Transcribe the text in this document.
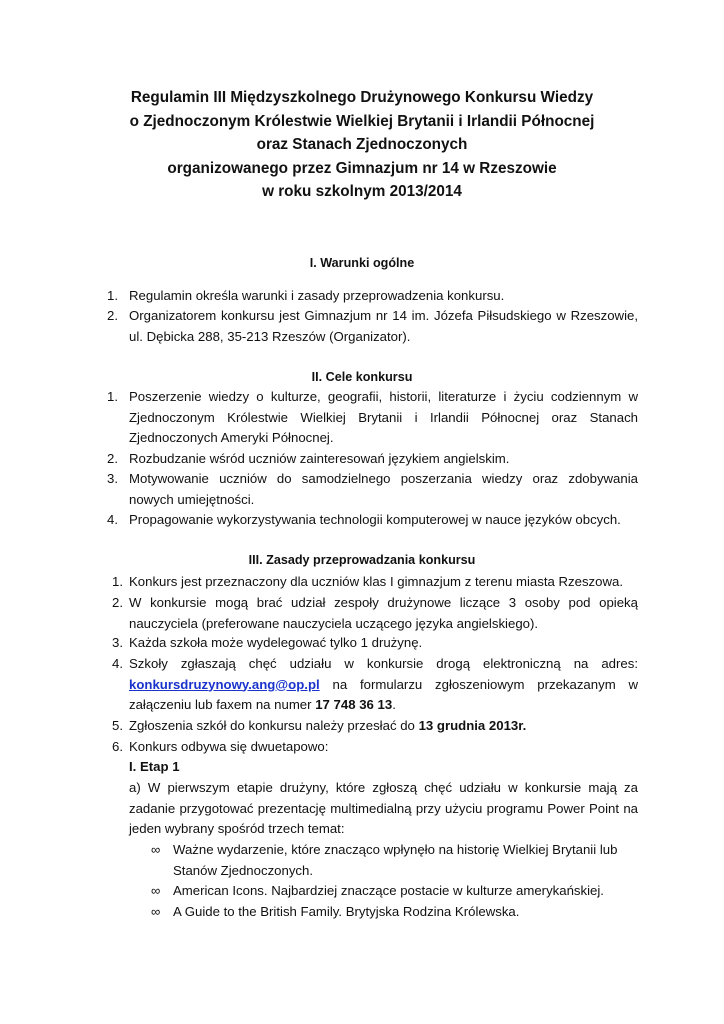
Regulamin III Międzyszkolnego Drużynowego Konkursu Wiedzy
o Zjednoczonym Królestwie Wielkiej Brytanii i Irlandii Północnej
oraz Stanach Zjednoczonych
organizowanego przez Gimnazjum nr 14 w Rzeszowie
w roku szkolnym 2013/2014
I. Warunki ogólne
1. Regulamin określa warunki i zasady przeprowadzenia konkursu.
2. Organizatorem konkursu jest Gimnazjum nr 14 im. Józefa Piłsudskiego w Rzeszowie, ul. Dębicka 288, 35-213 Rzeszów (Organizator).
II. Cele konkursu
1. Poszerzenie wiedzy o kulturze, geografii, historii, literaturze i życiu codziennym w Zjednoczonym Królestwie Wielkiej Brytanii i Irlandii Północnej oraz Stanach Zjednoczonych Ameryki Północnej.
2. Rozbudzanie wśród uczniów zainteresowań językiem angielskim.
3. Motywowanie uczniów do samodzielnego poszerzania wiedzy oraz zdobywania nowych umiejętności.
4. Propagowanie wykorzystywania technologii komputerowej w nauce języków obcych.
III. Zasady przeprowadzania konkursu
1. Konkurs jest przeznaczony dla uczniów klas I gimnazjum z terenu miasta Rzeszowa.
2. W konkursie mogą brać udział zespoły drużynowe liczące 3 osoby pod opieką nauczyciela (preferowane nauczyciela uczącego języka angielskiego).
3. Każda szkoła może wydelegować tylko 1 drużynę.
4. Szkoły zgłaszają chęć udziału w konkursie drogą elektroniczną na adres: konkursdruzynowy.ang@op.pl na formularzu zgłoszeniowym przekazanym w załączeniu lub faxem na numer 17 748 36 13.
5. Zgłoszenia szkół do konkursu należy przesłać do 13 grudnia 2013r.
6. Konkurs odbywa się dwuetapowo:
I. Etap 1
a) W pierwszym etapie drużyny, które zgłoszą chęć udziału w konkursie mają za zadanie przygotować prezentację multimedialną przy użyciu programu Power Point na jeden wybrany spośród trzech temat:
∞ Ważne wydarzenie, które znacząco wpłynęło na historię Wielkiej Brytanii lub Stanów Zjednoczonych.
∞ American Icons. Najbardziej znaczące postacie w kulturze amerykańskiej.
∞ A Guide to the British Family. Brytyjska Rodzina Królewska.
